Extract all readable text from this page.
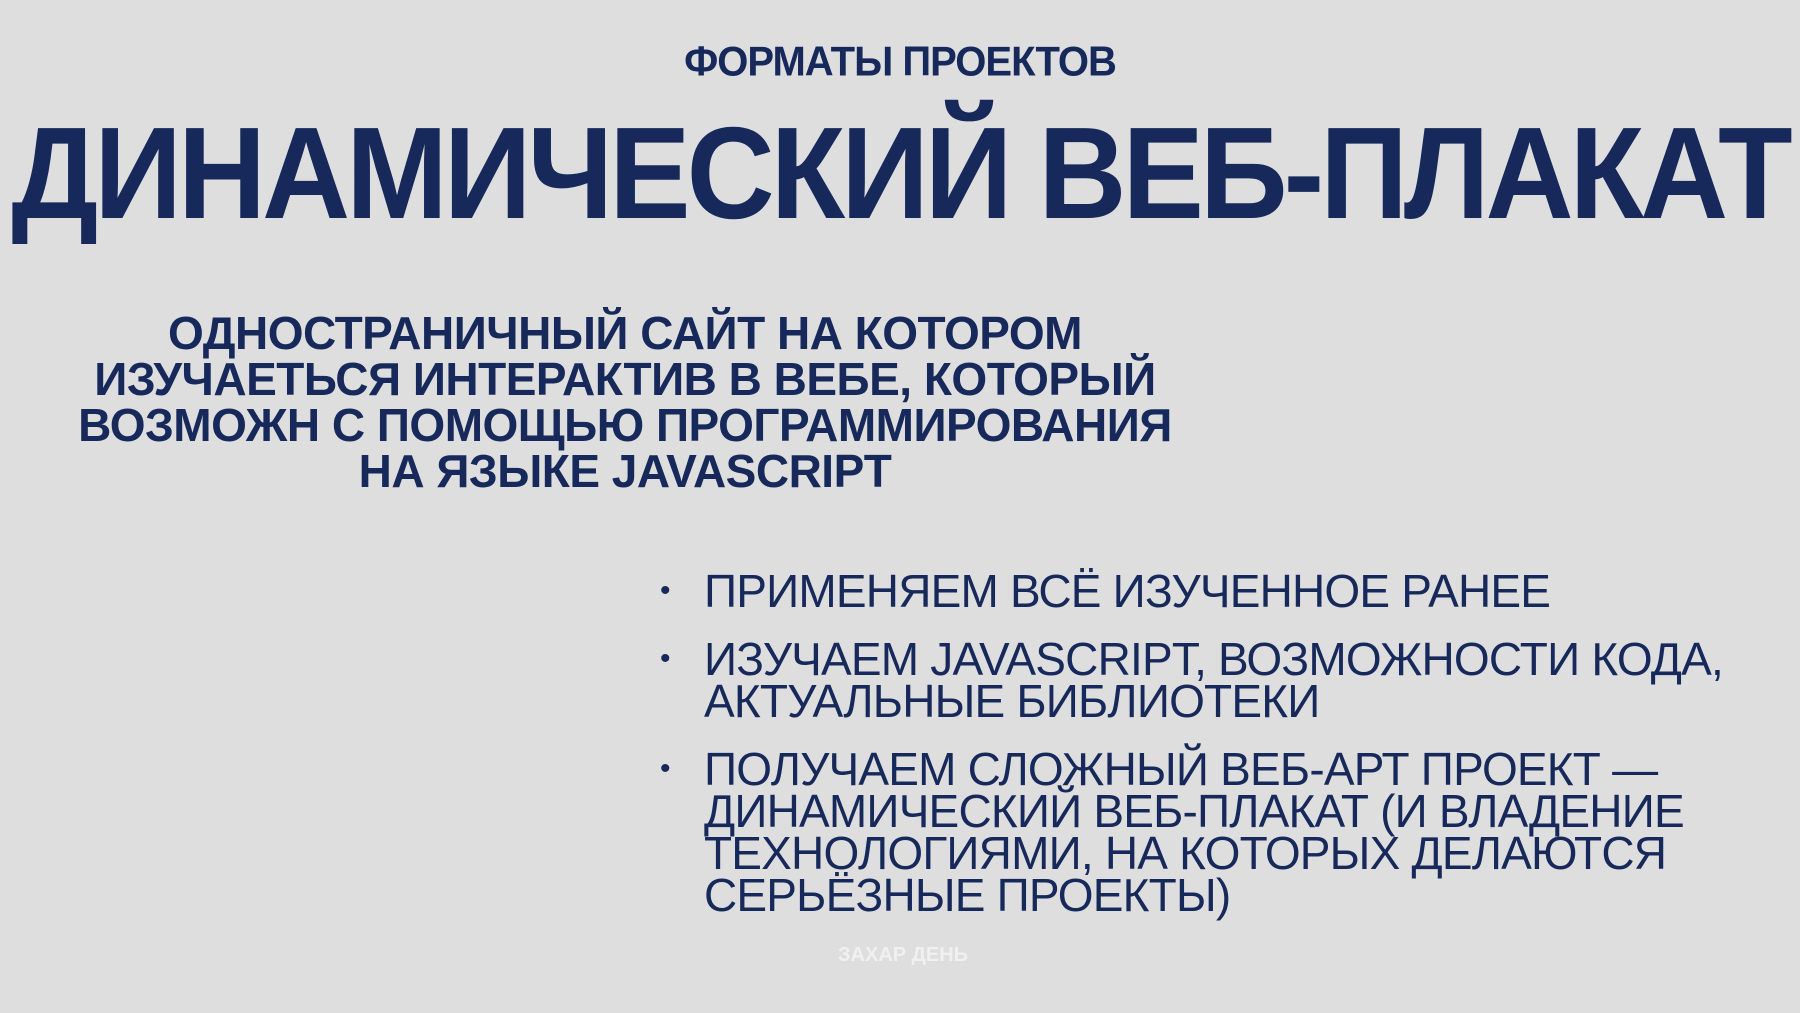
ФОРМАТЫ ПРОЕКТОВ
ДИНАМИЧЕСКИЙ ВЕБ-ПЛАКАТ
ОДНОСТРАНИЧНЫЙ САЙТ НА КОТОРОМ
ИЗУЧАЕТЬСЯ ИНТЕРАКТИВ В ВЕБЕ, КОТОРЫЙ
ВОЗМОЖН С ПОМОЩЬЮ ПРОГРАММИРОВАНИЯ
НА ЯЗЫКЕ JAVASCRIPT
• ПРИМЕНЯЕМ ВСЁ ИЗУЧЕННОЕ РАНЕЕ
• ИЗУЧАЕМ JAVASCRIPT, ВОЗМОЖНОСТИ КОДА,
АКТУАЛЬНЫЕ БИБЛИОТЕКИ
• ПОЛУЧАЕМ СЛОЖНЫЙ ВЕБ-АРТ ПРОЕКТ —
ДИНАМИЧЕСКИЙ ВЕБ-ПЛАКАТ (И ВЛАДЕНИЕ
ТЕХНОЛОГИЯМИ, НА КОТОРЫХ ДЕЛАЮТСЯ
СЕРЬЁЗНЫЕ ПРОЕКТЫ)
ЗАХАР ДЕНЬ
